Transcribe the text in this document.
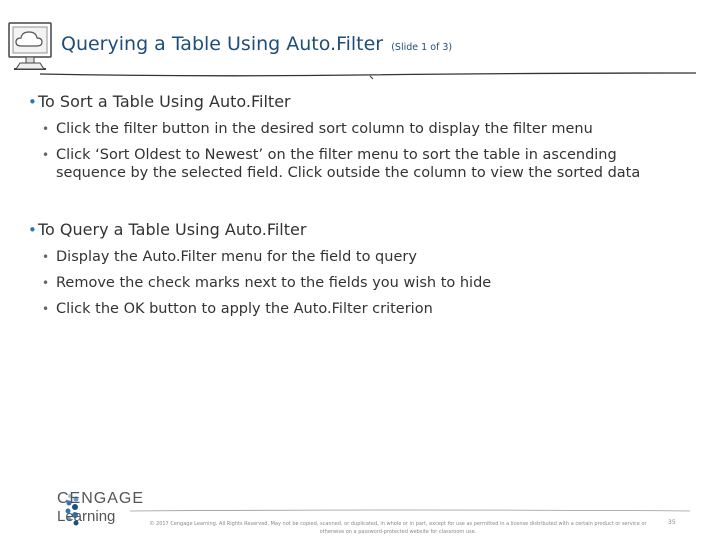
Querying a Table Using Auto.Filter (Slide 1 of 3)
• To Sort a Table Using Auto.Filter
• Click the filter button in the desired sort column to display the filter menu
• Click ‘Sort Oldest to Newest’ on the filter menu to sort the table in ascending sequence by the selected field. Click outside the column to view the sorted data
• To Query a Table Using Auto.Filter
• Display the Auto.Filter menu for the field to query
• Remove the check marks next to the fields you wish to hide
• Click the OK button to apply the Auto.Filter criterion
CENGAGE
Learning	© 2017 Cengage Learning. All Rights Reserved. May not be copied, scanned, or duplicated, in whole or in part, except for use as permitted in a license distributed with a certain product or service or otherwise on a password-protected website for classroom use.
35
